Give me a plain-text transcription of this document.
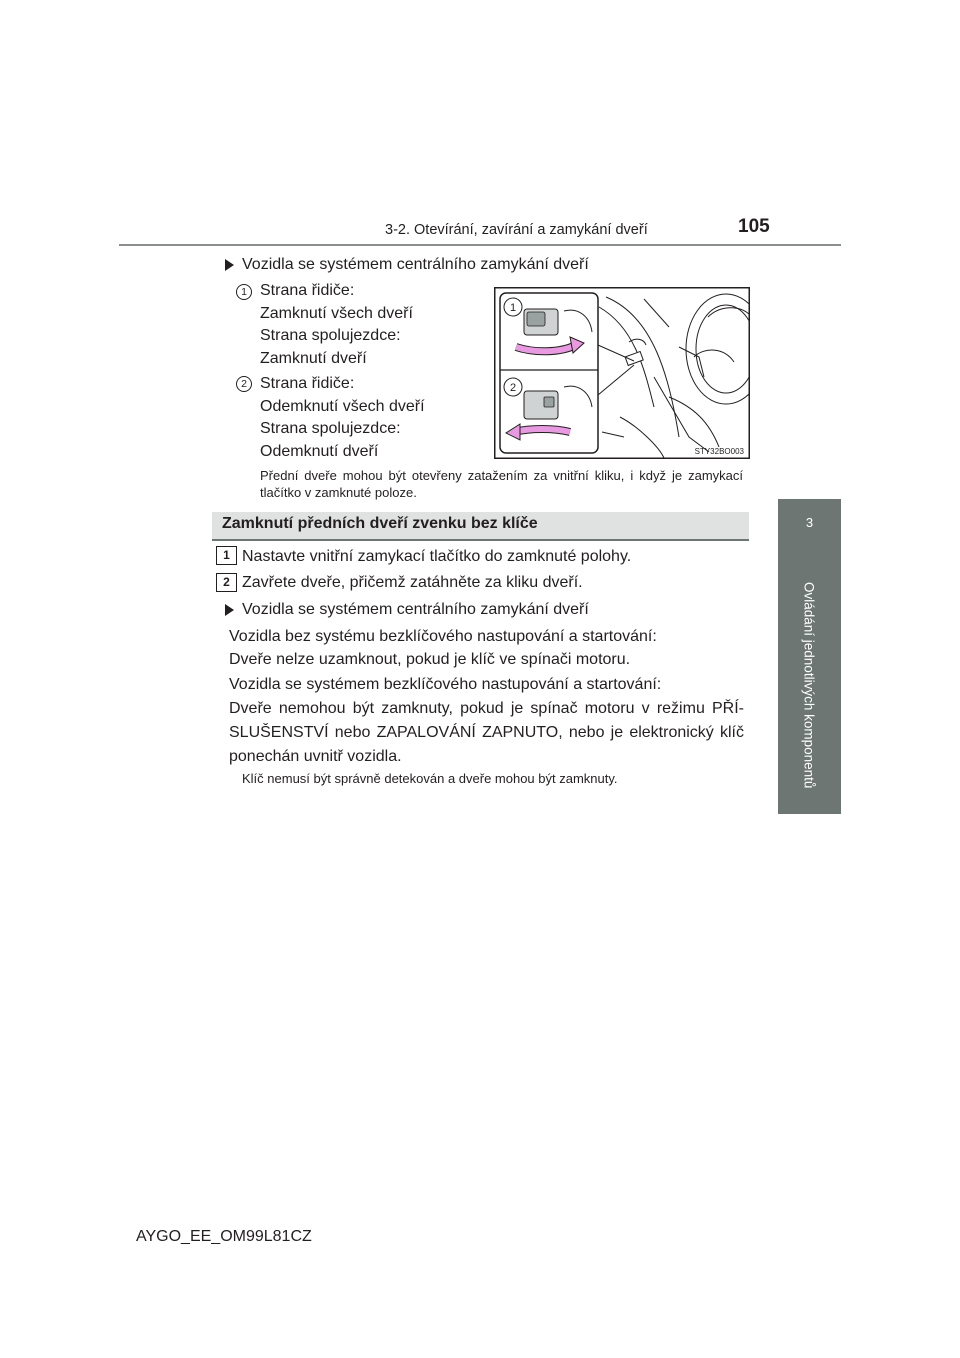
3-2. Otevírání, zavírání a zamykání dveří	105
3
Ovládání jednotlivých komponentů
Vozidla se systémem centrálního zamykání dveří
1 Strana řidiče:
Zamknutí všech dveří
Strana spolujezdce:
Zamknutí dveří
2 Strana řidiče:
Odemknutí všech dveří
Strana spolujezdce:
Odemknutí dveří
1
2
STY32BO003
Přední dveře mohou být otevřeny zatažením za vnitřní kliku, i když je zamykací tlačítko v zamknuté poloze.
Zamknutí předních dveří zvenku bez klíče
1 Nastavte vnitřní zamykací tlačítko do zamknuté polohy.
2 Zavřete dveře, přičemž zatáhněte za kliku dveří.
Vozidla se systémem centrálního zamykání dveří
Vozidla bez systému bezklíčového nastupování a startování:
Dveře nelze uzamknout, pokud je klíč ve spínači motoru.
Vozidla se systémem bezklíčového nastupování a startování:
Dveře nemohou být zamknuty, pokud je spínač motoru v režimu PŘÍ-SLUŠENSTVÍ nebo ZAPALOVÁNÍ ZAPNUTO, nebo je elektronický klíč ponechán uvnitř vozidla.
Klíč nemusí být správně detekován a dveře mohou být zamknuty.
AYGO_EE_OM99L81CZ
